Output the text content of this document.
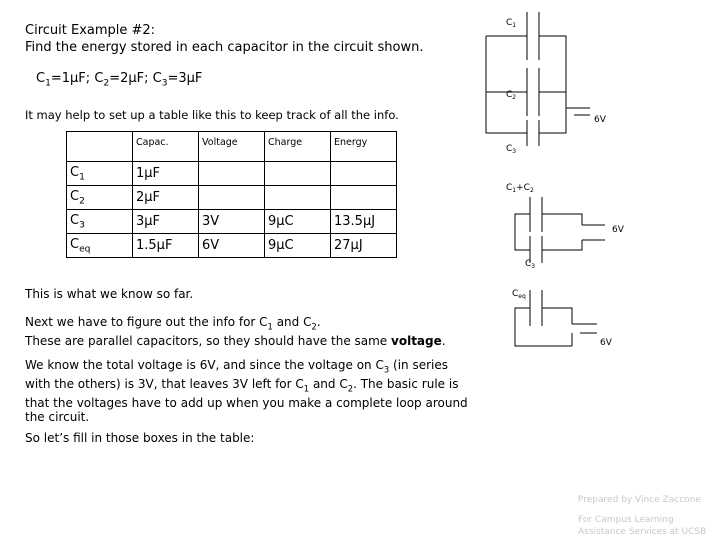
Circuit Example #2:
Find the energy stored in each capacitor in the circuit shown.
$C_1=1\mu F$; $C_2=2\mu F$; $C_3=3\mu F$
It may help to set up a table like this to keep track of all the info.
	Capac.	Voltage	Charge	Energy
$C_1$	1µF			
$C_2$	2µF			
$C_3$	3µF	3V	9µC	13.5µJ
$C_{eq}$	1.5µF	6V	9µC	27µJ
This is what we know so far.
Next we have to figure out the info for $C_1$ and $C_2$.
These are parallel capacitors, so they should have the same voltage.
We know the total voltage is 6V, and since the voltage on $C_3$ (in series with the others) is 3V, that leaves 3V left for $C_1$ and $C_2$. The basic rule is that the voltages have to add up when you make a complete loop around the circuit.
So let’s fill in those boxes in the table:
Prepared by Vince Zaccone
For Campus Learning
Assistance Services at UCSB
$C_1$
$C_2$
$C_3$
6V
$C_1+C_2$
$C_3$
6V
$C_{eq}$
6V
